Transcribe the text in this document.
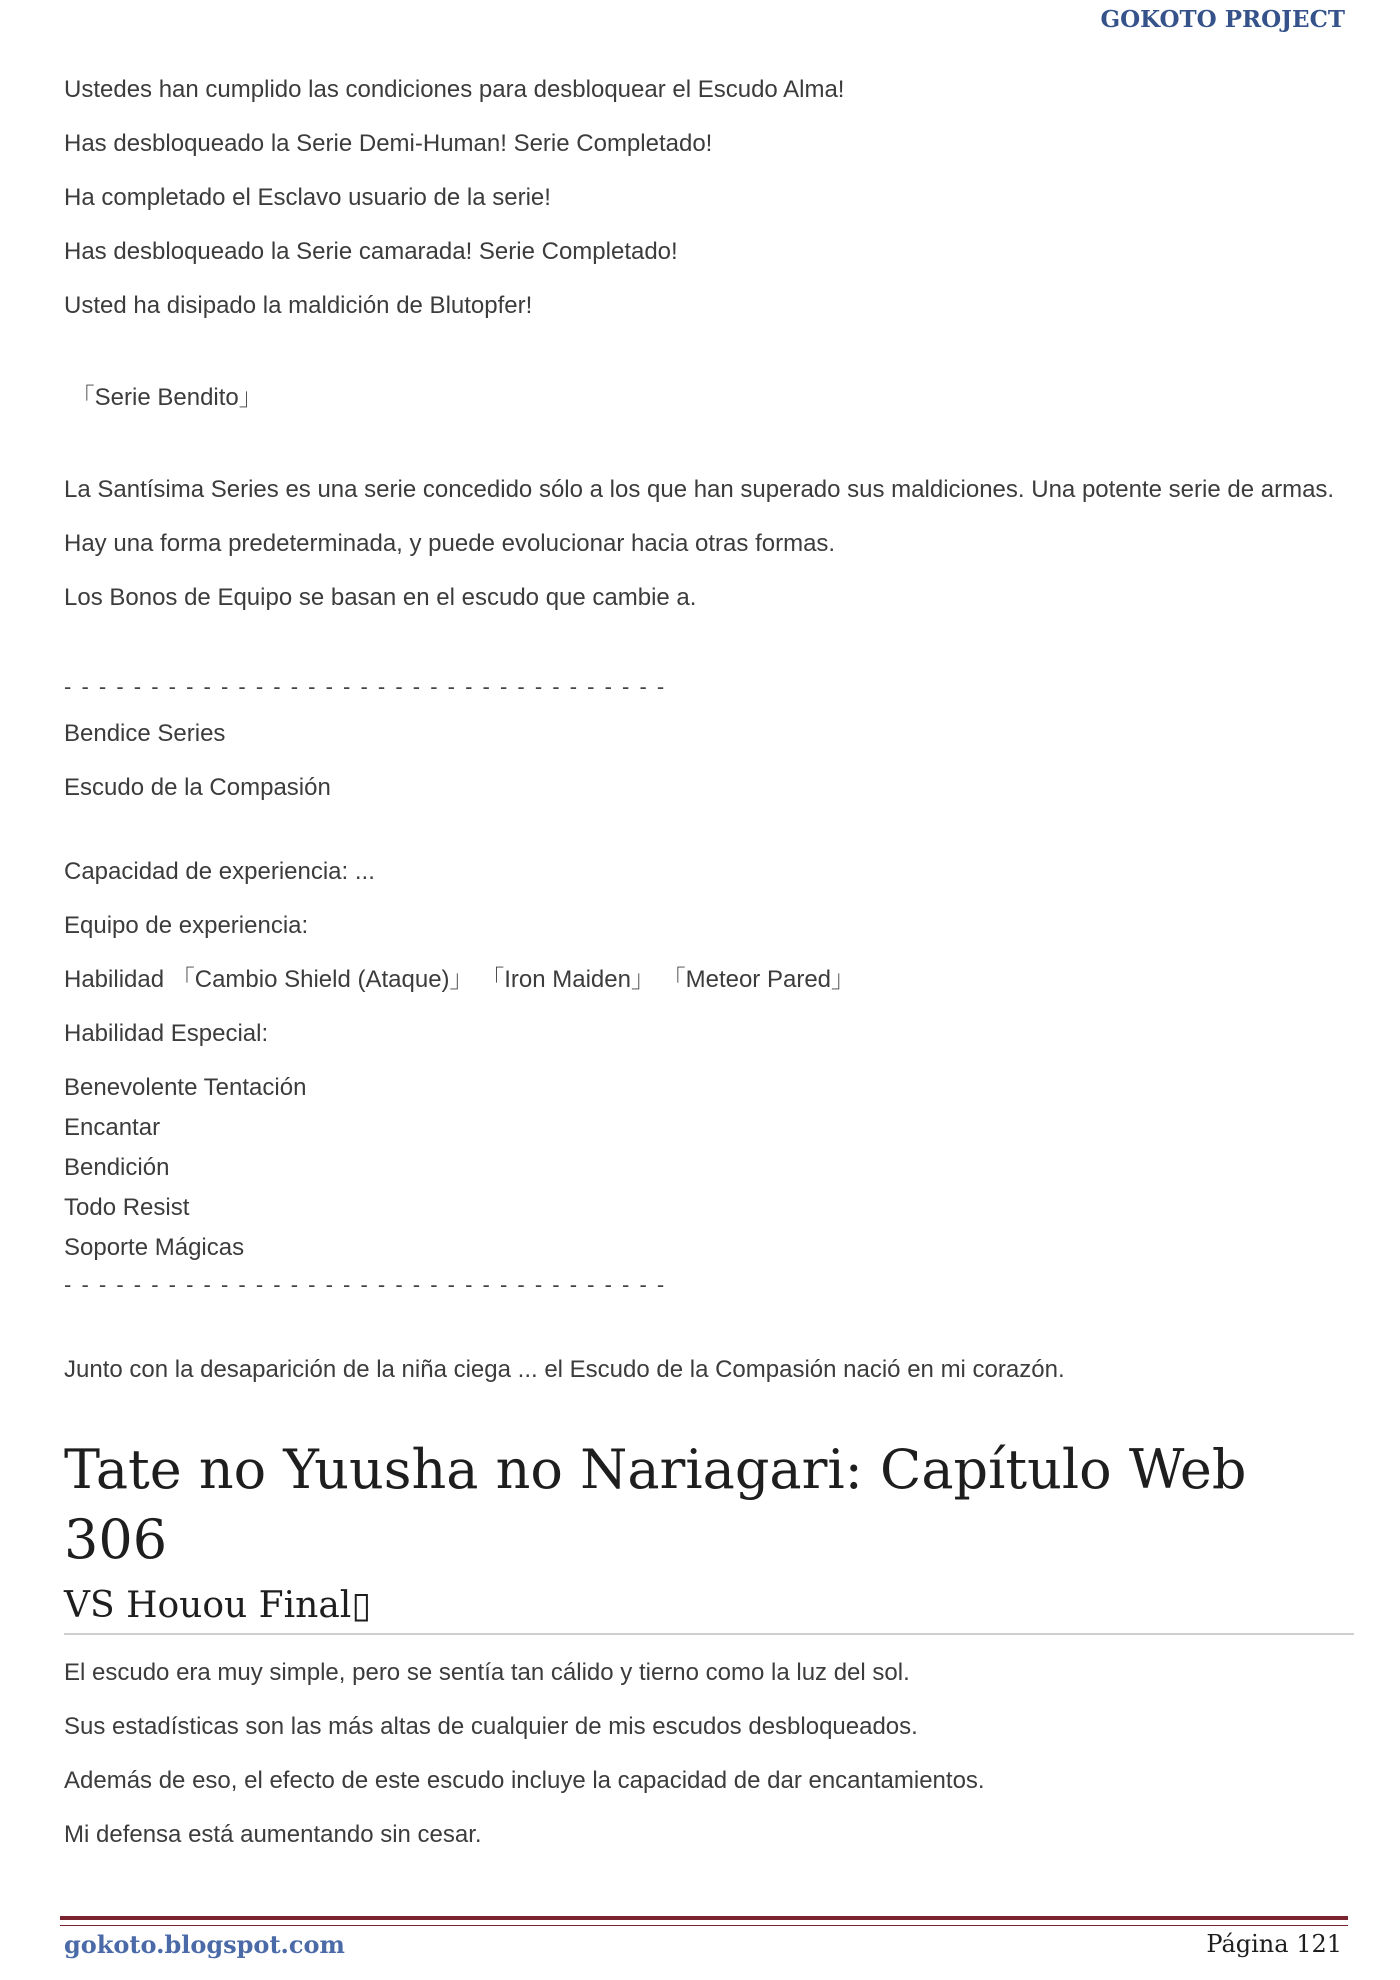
GOKOTO PROJECT
Ustedes han cumplido las condiciones para desbloquear el Escudo Alma!
Has desbloqueado la Serie Demi-Human! Serie Completado!
Ha completado el Esclavo usuario de la serie!
Has desbloqueado la Serie camarada! Serie Completado!
Usted ha disipado la maldición de Blutopfer!
「Serie Bendito」
La Santísima Series es una serie concedido sólo a los que han superado sus maldiciones. Una potente serie de armas.
Hay una forma predeterminada, y puede evolucionar hacia otras formas.
Los Bonos de Equipo se basan en el escudo que cambie a.
- - - - - - - - - - - - - - - - - - - - - - - - - - - - - - - - - - -
Bendice Series
Escudo de la Compasión
Capacidad de experiencia: ...
Equipo de experiencia:
Habilidad 「Cambio Shield (Ataque)」 「Iron Maiden」 「Meteor Pared」
Habilidad Especial:
Benevolente Tentación
Encantar
Bendición
Todo Resist
Soporte Mágicas
- - - - - - - - - - - - - - - - - - - - - - - - - - - - - - - - - - -
Junto con la desaparición de la niña ciega ... el Escudo de la Compasión nació en mi corazón.
Tate no Yuusha no Nariagari: Capítulo Web 306
VS Houou Final▯
El escudo era muy simple, pero se sentía tan cálido y tierno como la luz del sol.
Sus estadísticas son las más altas de cualquier de mis escudos desbloqueados.
Además de eso, el efecto de este escudo incluye la capacidad de dar encantamientos.
Mi defensa está aumentando sin cesar.
gokoto.blogspot.com	Página 121
